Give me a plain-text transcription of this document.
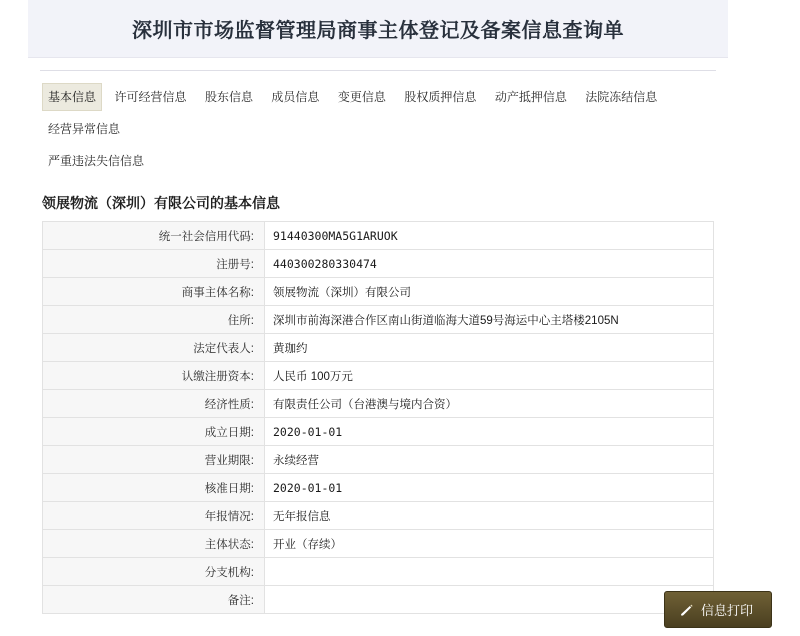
深圳市市场监督管理局商事主体登记及备案信息查询单
基本信息 许可经营信息 股东信息 成员信息 变更信息 股权质押信息 动产抵押信息 法院冻结信息 经营异常信息
严重违法失信信息
领展物流（深圳）有限公司的基本信息
统一社会信用代码:	91440300MA5G1ARUOK
注册号:	440300280330474
商事主体名称:	领展物流（深圳）有限公司
住所:	深圳市前海深港合作区南山街道临海大道59号海运中心主塔楼2105N
法定代表人:	黄珈约
认缴注册资本:	人民币 100万元
经济性质:	有限责任公司（台港澳与境内合资）
成立日期:	2020-01-01
营业期限:	永续经营
核准日期:	2020-01-01
年报情况:	无年报信息
主体状态:	开业（存续）
分支机构:	
备注:	
信息打印
